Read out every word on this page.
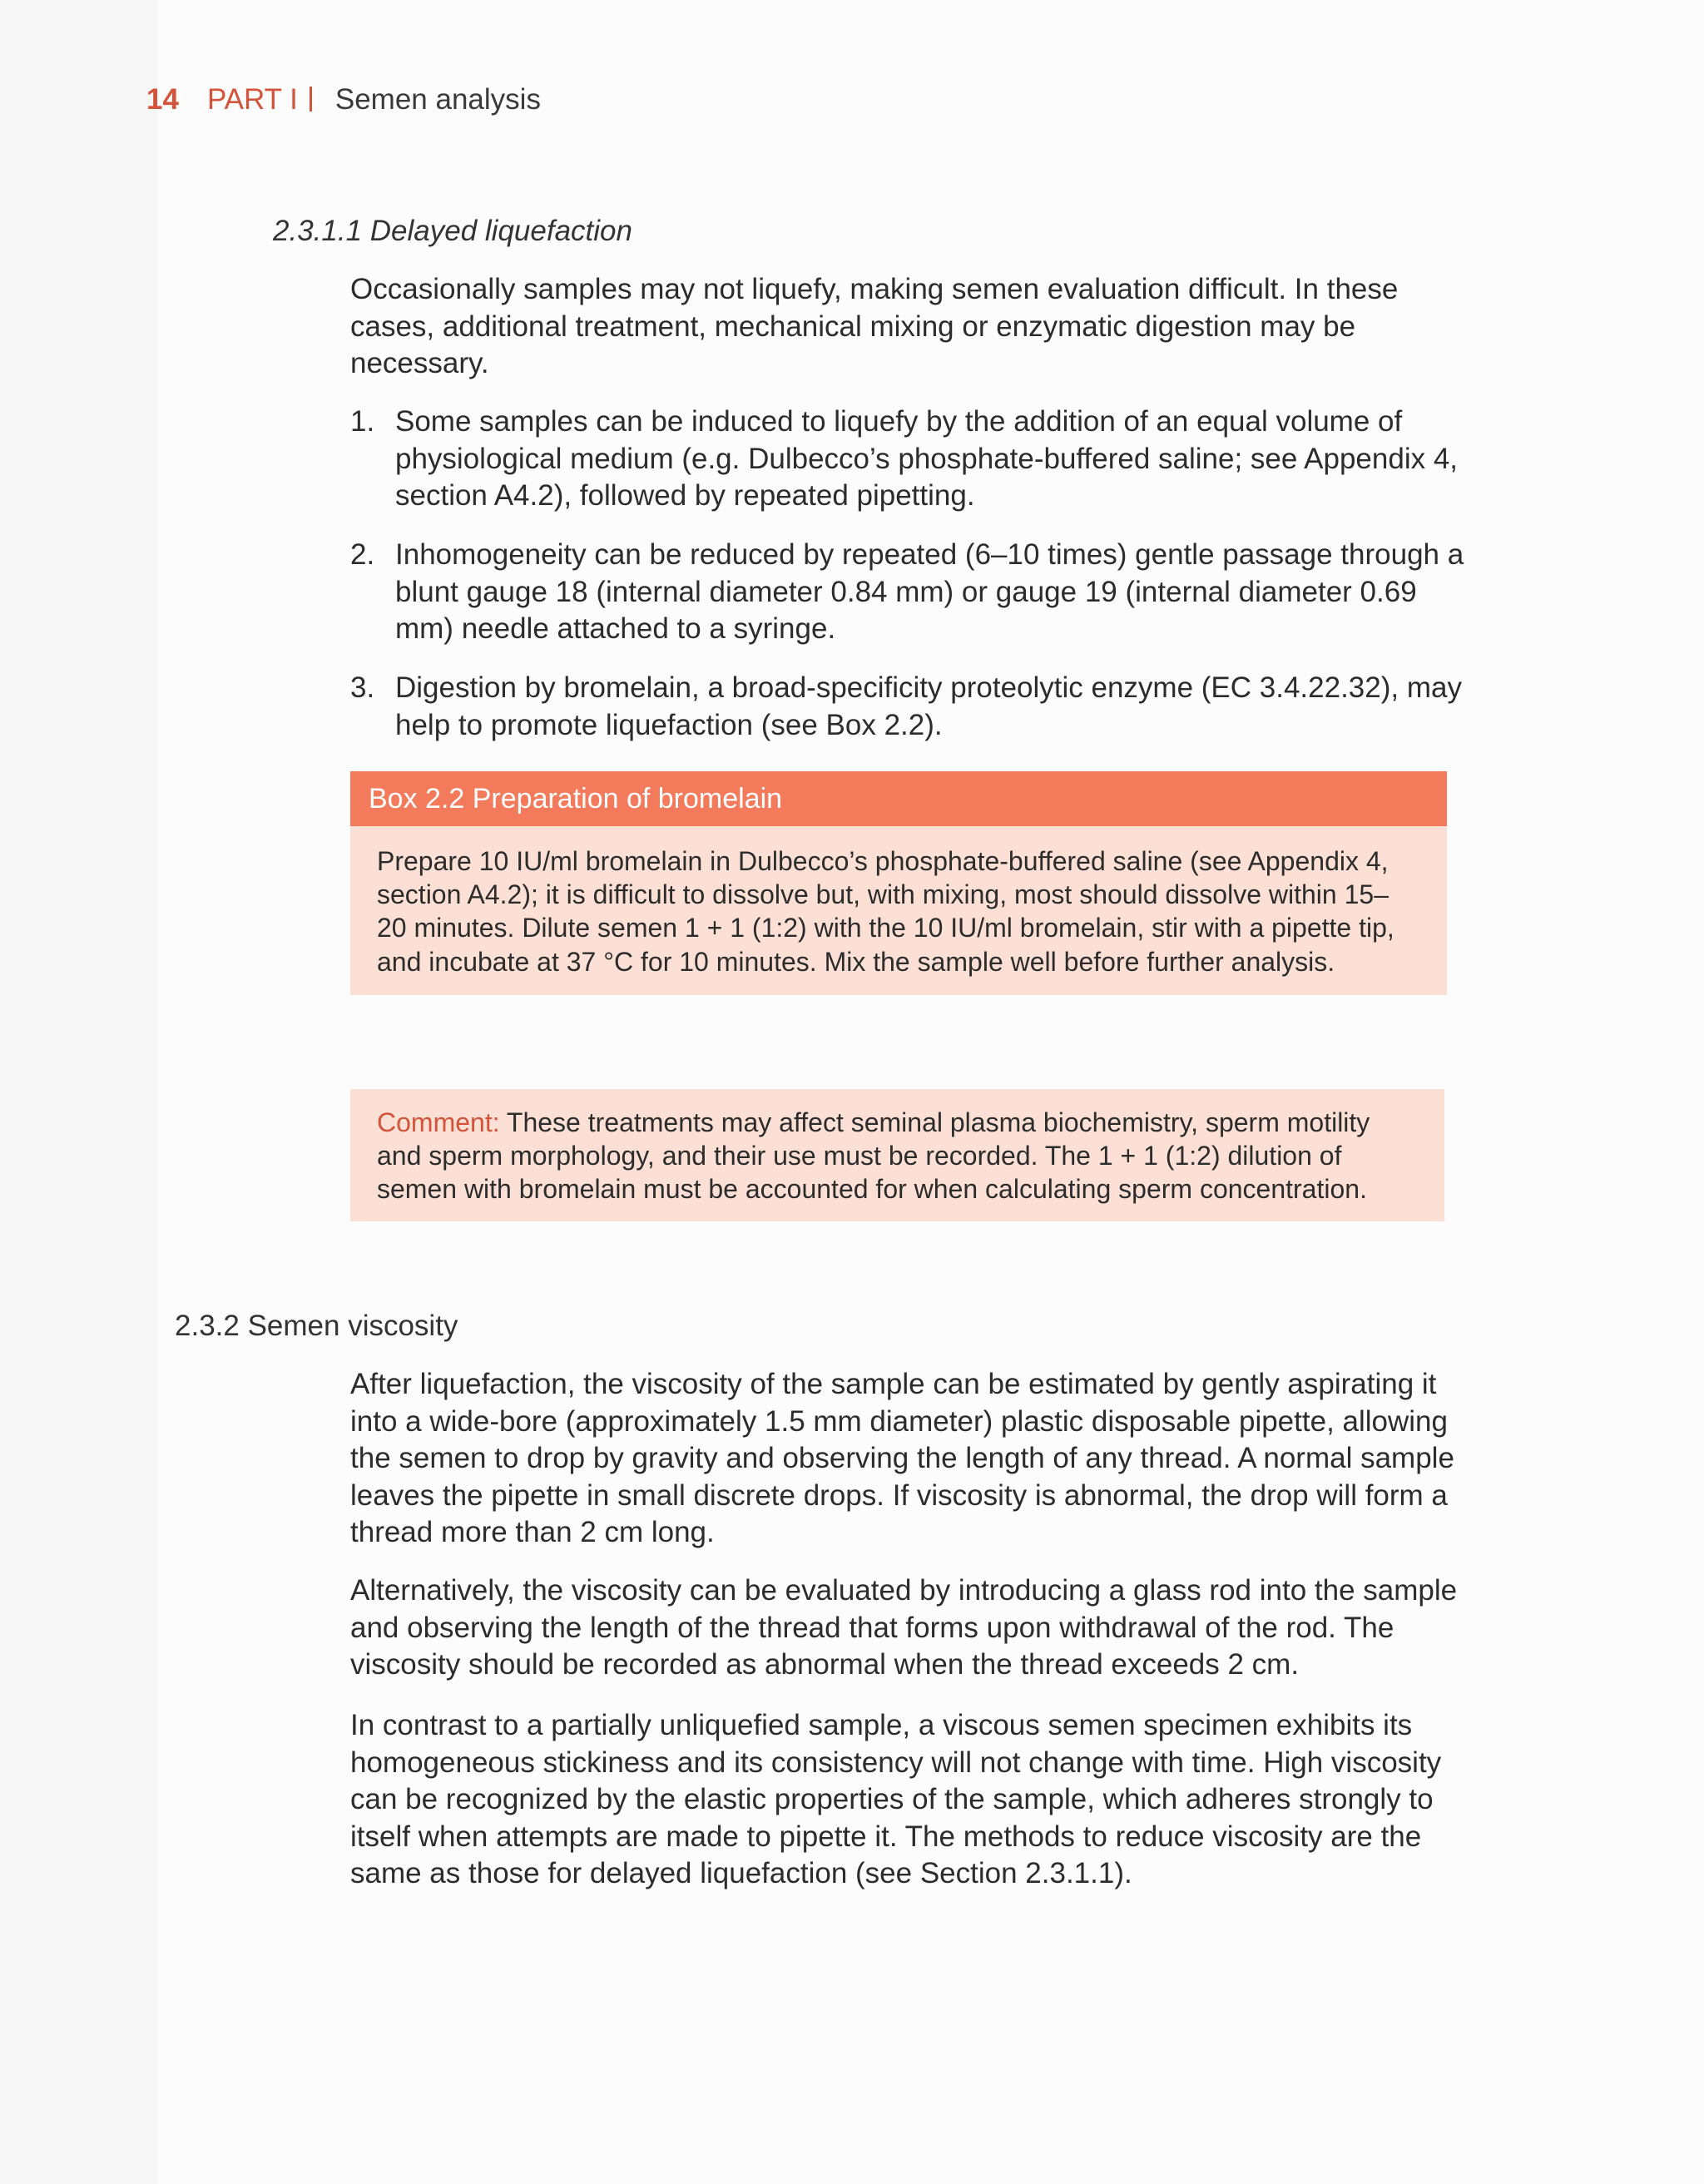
14 PART I Semen analysis
2.3.1.1 Delayed liquefaction

Occasionally samples may not liquefy, making semen evaluation difficult. In these cases, additional treatment, mechanical mixing or enzymatic digestion may be necessary.

1. Some samples can be induced to liquefy by the addition of an equal volume of physiological medium (e.g. Dulbecco’s phosphate-buffered saline; see Appendix 4, section A4.2), followed by repeated pipetting.
2. Inhomogeneity can be reduced by repeated (6–10 times) gentle passage through a blunt gauge 18 (internal diameter 0.84 mm) or gauge 19 (internal diameter 0.69 mm) needle attached to a syringe.
3. Digestion by bromelain, a broad-specificity proteolytic enzyme (EC 3.4.22.32), may help to promote liquefaction (see Box 2.2).
Box 2.2 Preparation of bromelain
Prepare 10 IU/ml bromelain in Dulbecco’s phosphate-buffered saline (see Appendix 4, section A4.2); it is difficult to dissolve but, with mixing, most should dissolve within 15–20 minutes. Dilute semen 1 + 1 (1:2) with the 10 IU/ml bromelain, stir with a pipette tip, and incubate at 37 °C for 10 minutes. Mix the sample well before further analysis.
Comment: These treatments may affect seminal plasma biochemistry, sperm motility and sperm morphology, and their use must be recorded. The 1 + 1 (1:2) dilution of semen with bromelain must be accounted for when calculating sperm concentration.
2.3.2 Semen viscosity

After liquefaction, the viscosity of the sample can be estimated by gently aspirating it into a wide-bore (approximately 1.5 mm diameter) plastic disposable pipette, allowing the semen to drop by gravity and observing the length of any thread. A normal sample leaves the pipette in small discrete drops. If viscosity is abnormal, the drop will form a thread more than 2 cm long.

Alternatively, the viscosity can be evaluated by introducing a glass rod into the sample and observing the length of the thread that forms upon withdrawal of the rod. The viscosity should be recorded as abnormal when the thread exceeds 2 cm.

In contrast to a partially unliquefied sample, a viscous semen specimen exhibits its homogeneous stickiness and its consistency will not change with time. High viscosity can be recognized by the elastic properties of the sample, which adheres strongly to itself when attempts are made to pipette it. The methods to reduce viscosity are the same as those for delayed liquefaction (see Section 2.3.1.1).
